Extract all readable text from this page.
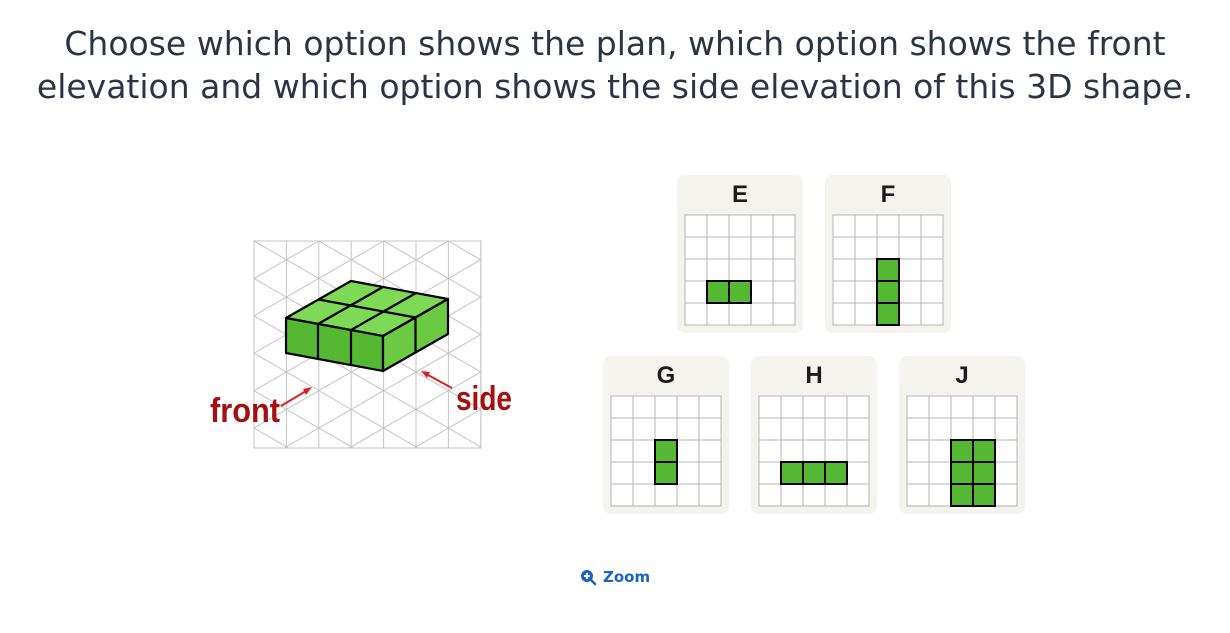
Choose which option shows the plan, which option shows the front
elevation and which option shows the side elevation of this 3D shape.
front	side
E	F
G	H	J
Zoom
